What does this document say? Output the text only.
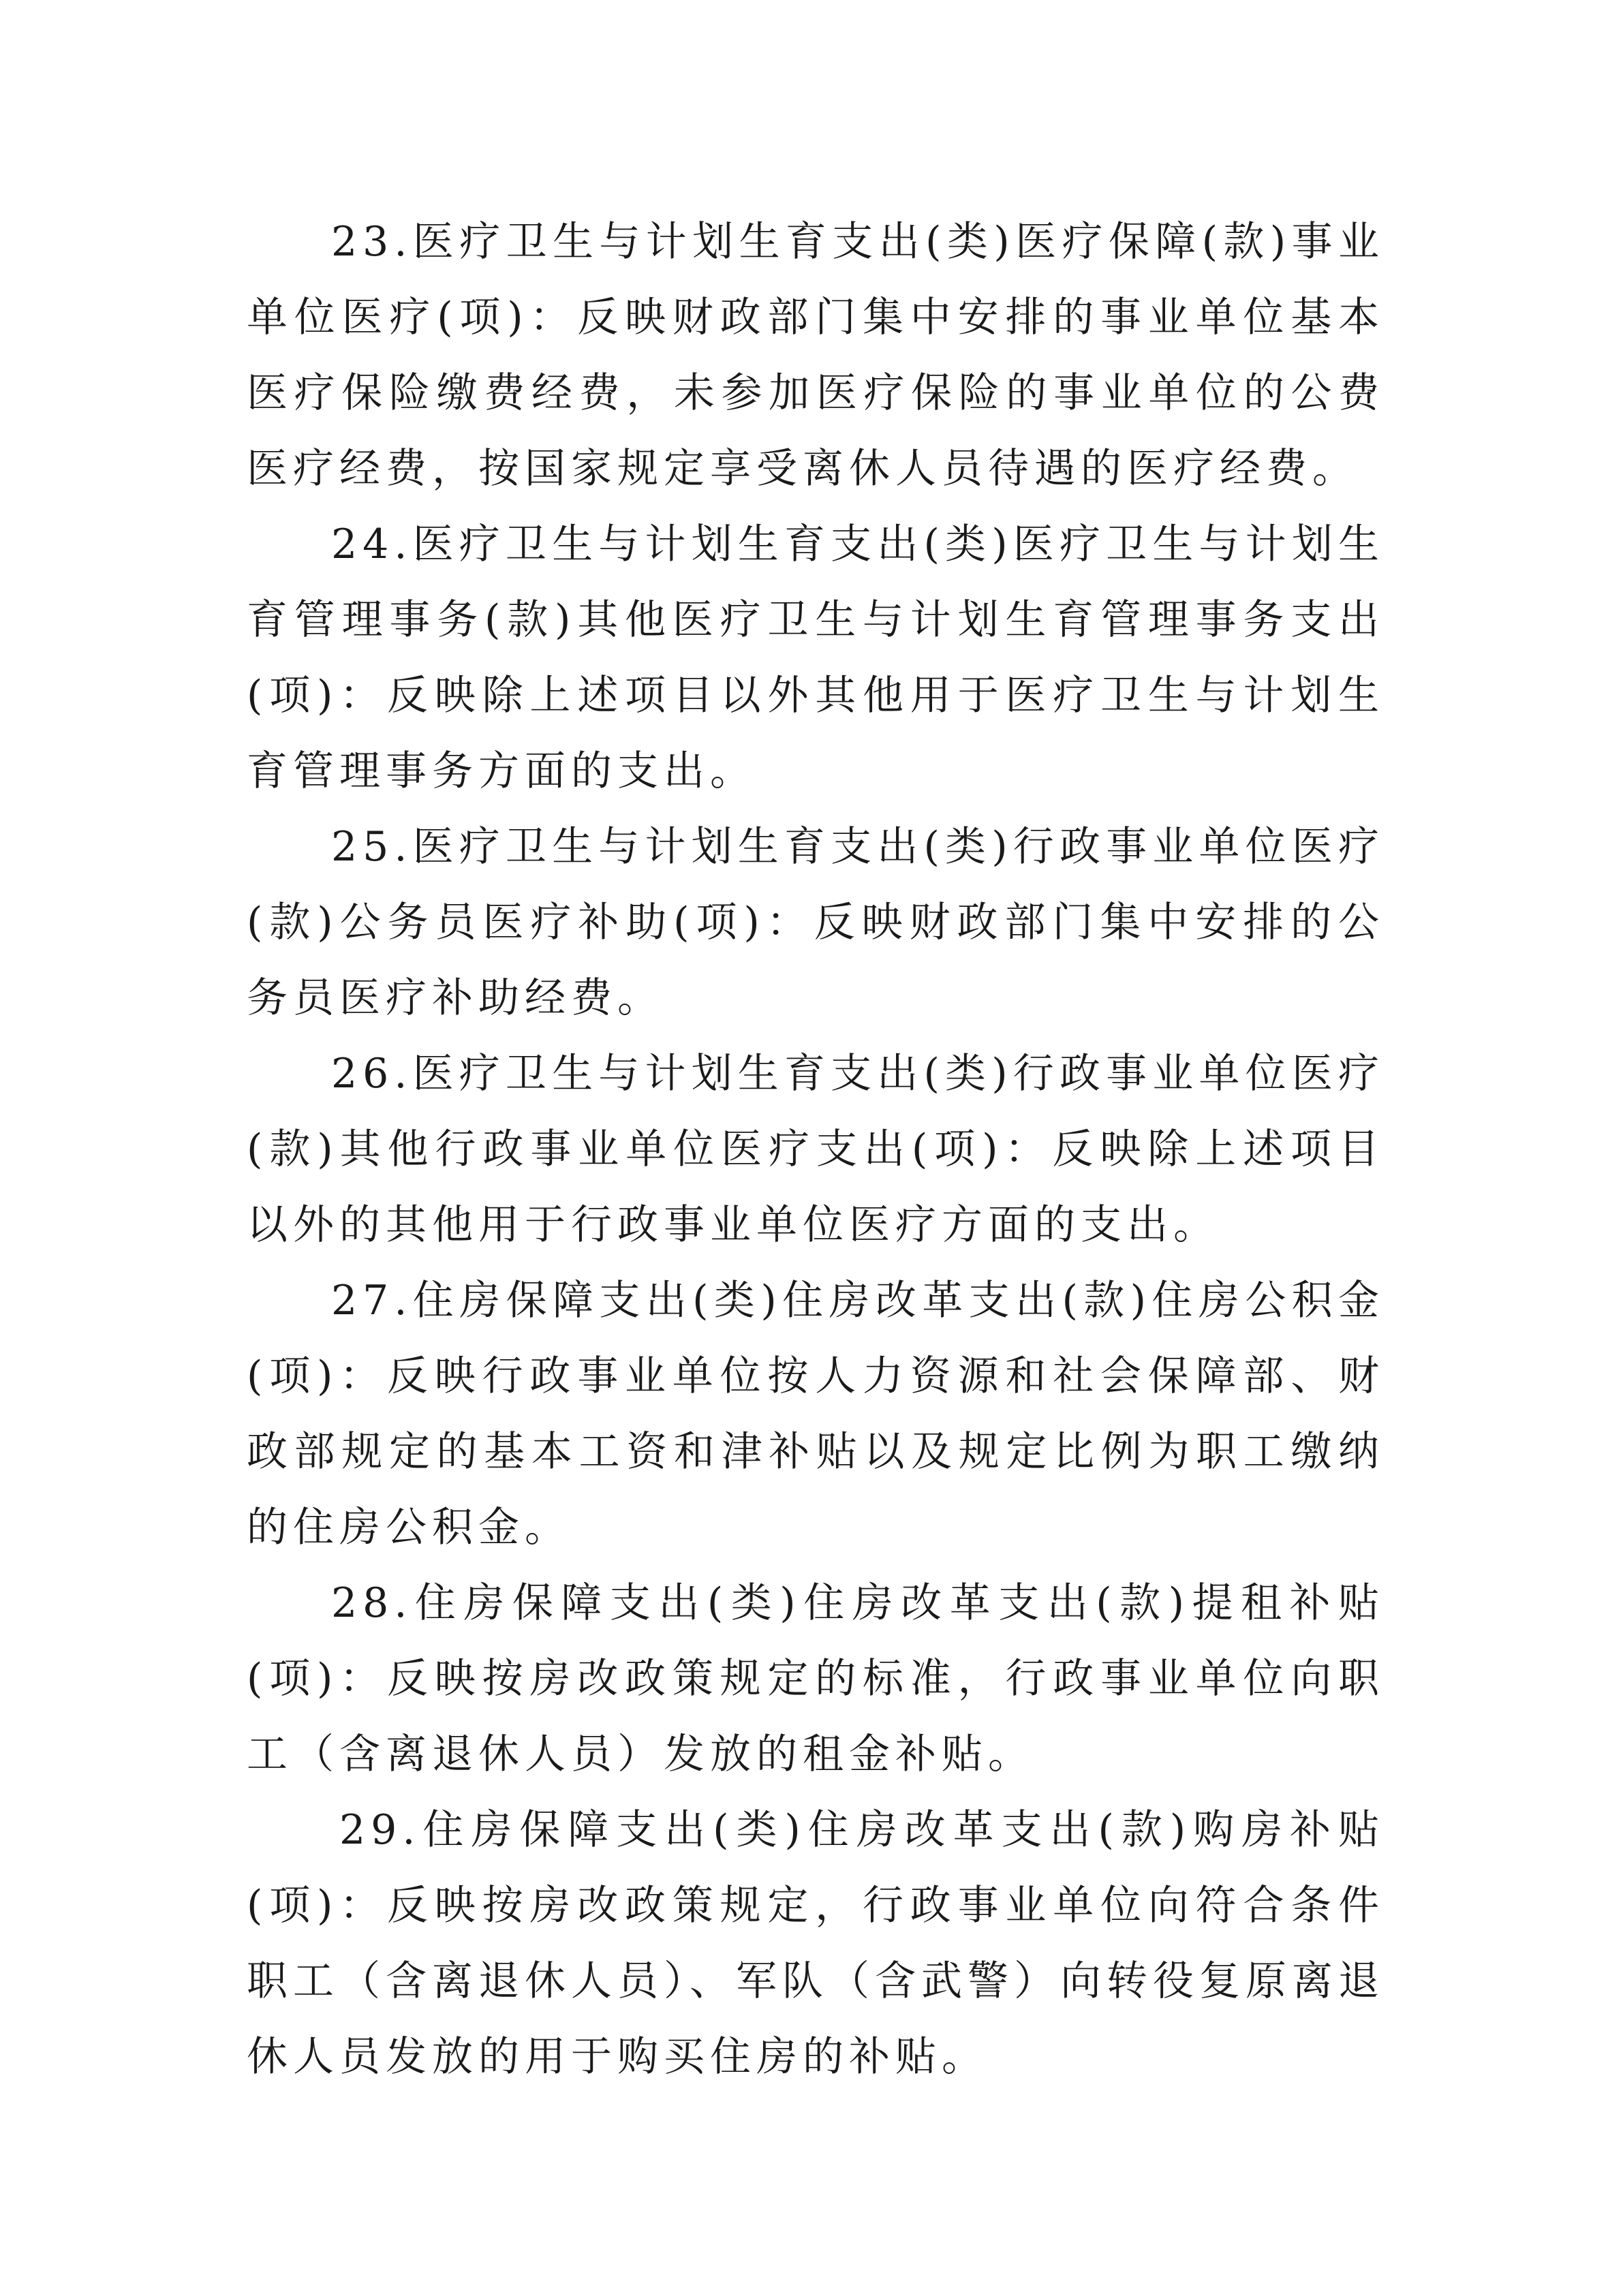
23.医疗卫生与计划生育支出(类)医疗保障(款)事业单位医疗(项)：反映财政部门集中安排的事业单位基本医疗保险缴费经费，未参加医疗保险的事业单位的公费医疗经费，按国家规定享受离休人员待遇的医疗经费。

24.医疗卫生与计划生育支出(类)医疗卫生与计划生育管理事务(款)其他医疗卫生与计划生育管理事务支出(项)：反映除上述项目以外其他用于医疗卫生与计划生育管理事务方面的支出。

25.医疗卫生与计划生育支出(类)行政事业单位医疗(款)公务员医疗补助(项)：反映财政部门集中安排的公务员医疗补助经费。

26.医疗卫生与计划生育支出(类)行政事业单位医疗(款)其他行政事业单位医疗支出(项)：反映除上述项目以外的其他用于行政事业单位医疗方面的支出。

27.住房保障支出(类)住房改革支出(款)住房公积金(项)：反映行政事业单位按人力资源和社会保障部、财政部规定的基本工资和津补贴以及规定比例为职工缴纳的住房公积金。

28.住房保障支出(类)住房改革支出(款)提租补贴(项)：反映按房改政策规定的标准，行政事业单位向职工（含离退休人员）发放的租金补贴。

29.住房保障支出(类)住房改革支出(款)购房补贴(项)：反映按房改政策规定，行政事业单位向符合条件职工（含离退休人员）、军队（含武警）向转役复原离退休人员发放的用于购买住房的补贴。
